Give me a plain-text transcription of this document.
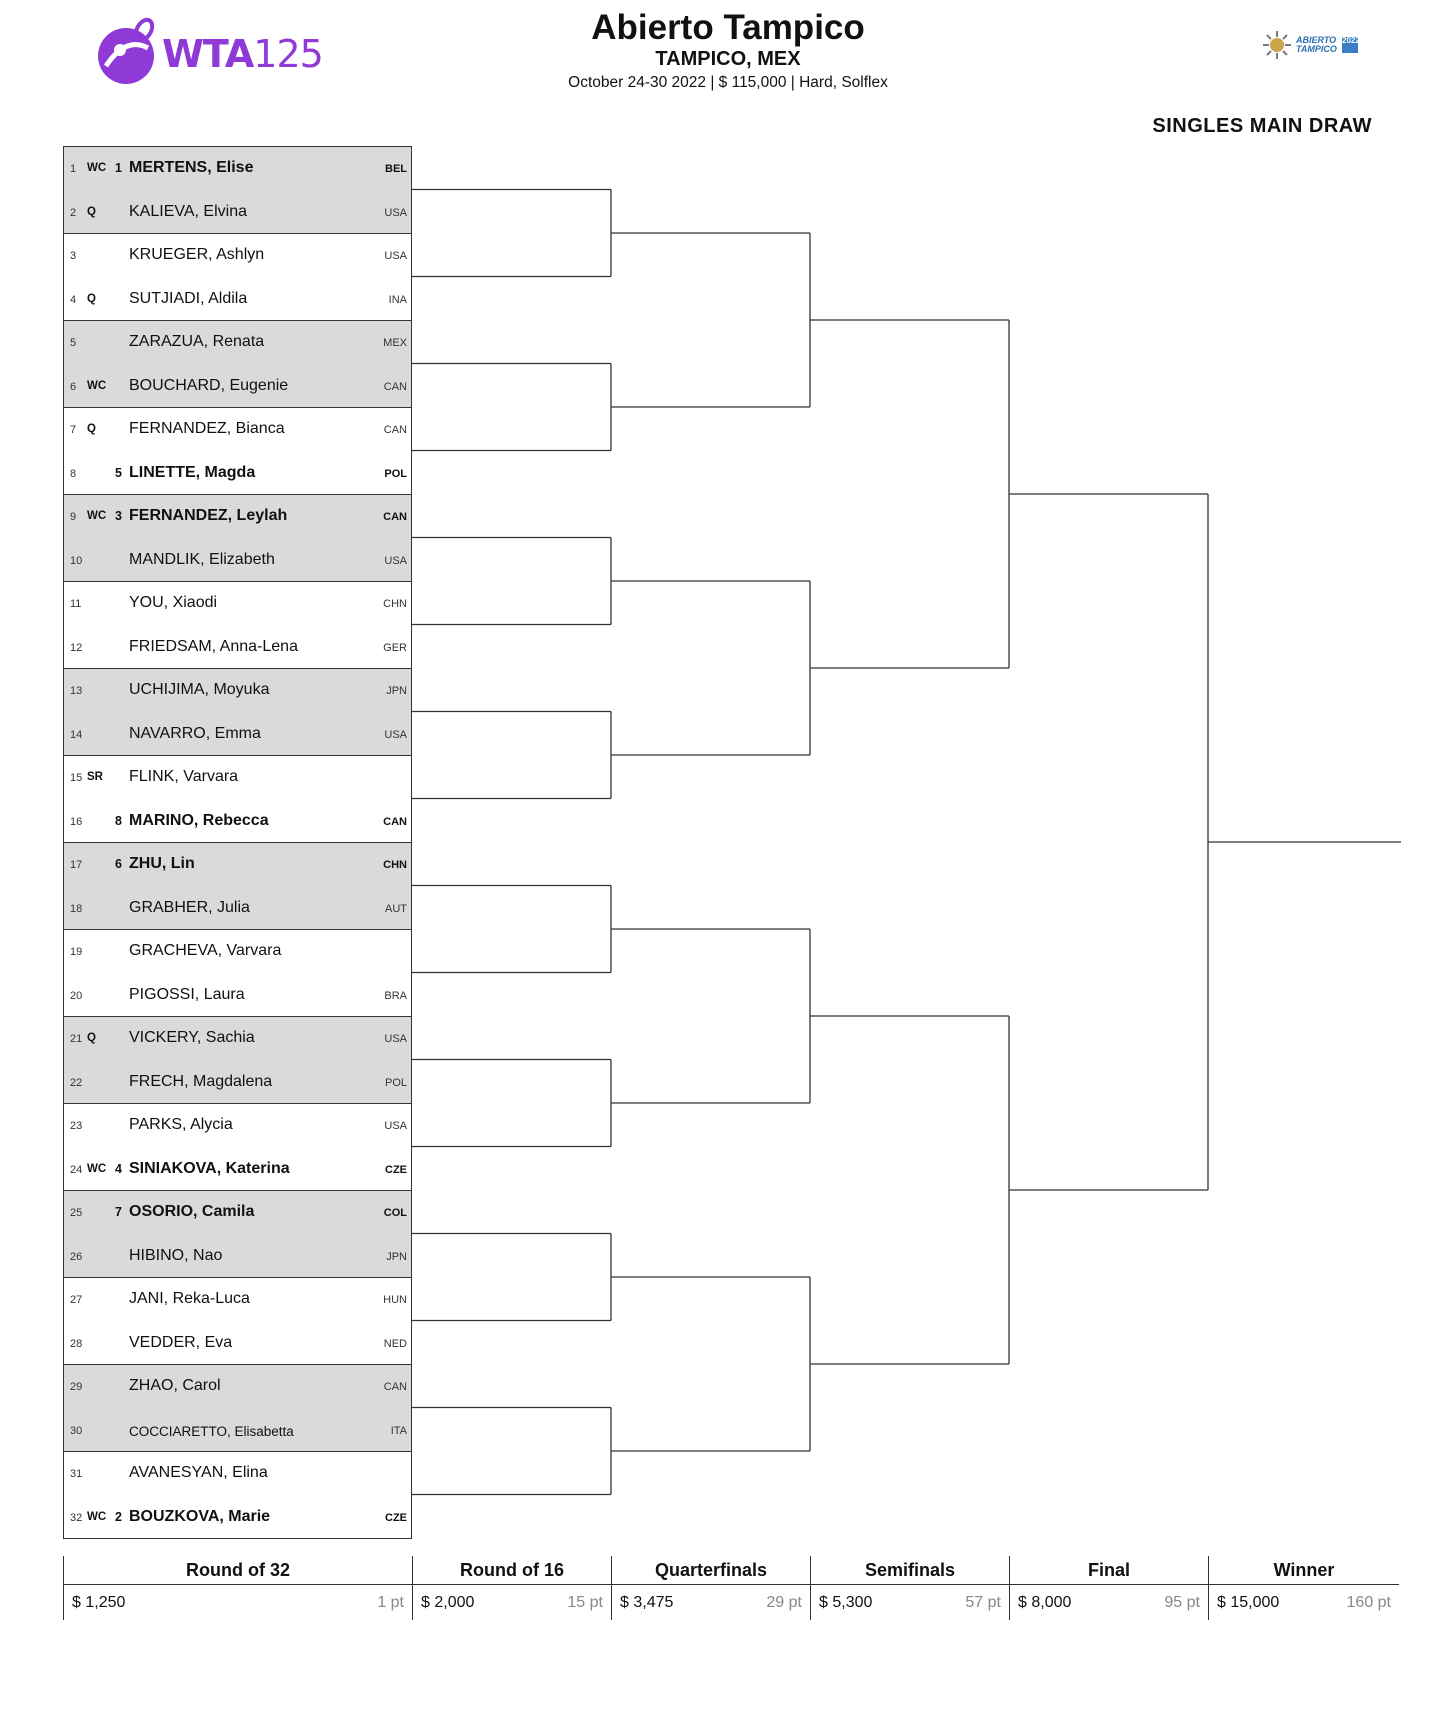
WTA125
Abierto Tampico
TAMPICO, MEX
October 24-30 2022 | $ 115,000 | Hard, Solflex
ABIERTO TAMPICO
2022
SINGLES MAIN DRAW
1 WC 1 MERTENS, Elise	BEL
2 Q KALIEVA, Elvina	USA
3	KRUEGER, Ashlyn	USA
4 Q SUTJIADI, Aldila	INA
5	ZARAZUA, Renata	MEX
6 WC BOUCHARD, Eugenie	CAN
7 Q FERNANDEZ, Bianca	CAN
8	5 LINETTE, Magda	POL
9 WC 3 FERNANDEZ, Leylah	CAN
10	MANDLIK, Elizabeth	USA
11	YOU, Xiaodi	CHN
12	FRIEDSAM, Anna-Lena	GER
13	UCHIJIMA, Moyuka	JPN
14	NAVARRO, Emma	USA
15 SR FLINK, Varvara
16	8 MARINO, Rebecca	CAN
17	6 ZHU, Lin	CHN
18	GRABHER, Julia	AUT
19	GRACHEVA, Varvara
20	PIGOSSI, Laura	BRA
21 Q VICKERY, Sachia	USA
22	FRECH, Magdalena	POL
23	PARKS, Alycia	USA
24 WC 4 SINIAKOVA, Katerina	CZE
25	7 OSORIO, Camila	COL
26	HIBINO, Nao	JPN
27	JANI, Reka-Luca	HUN
28	VEDDER, Eva	NED
29	ZHAO, Carol	CAN
30	COCCIARETTO, Elisabetta	ITA
31	AVANESYAN, Elina
32 WC 2 BOUZKOVA, Marie	CZE
Round of 32
$ 1,250	1 pt
Round of 16
$ 2,000	15 pt
Quarterfinals
$ 3,475	29 pt
Semifinals
$ 5,300	57 pt
Final
$ 8,000	95 pt
Winner
$ 15,000	160 pt
